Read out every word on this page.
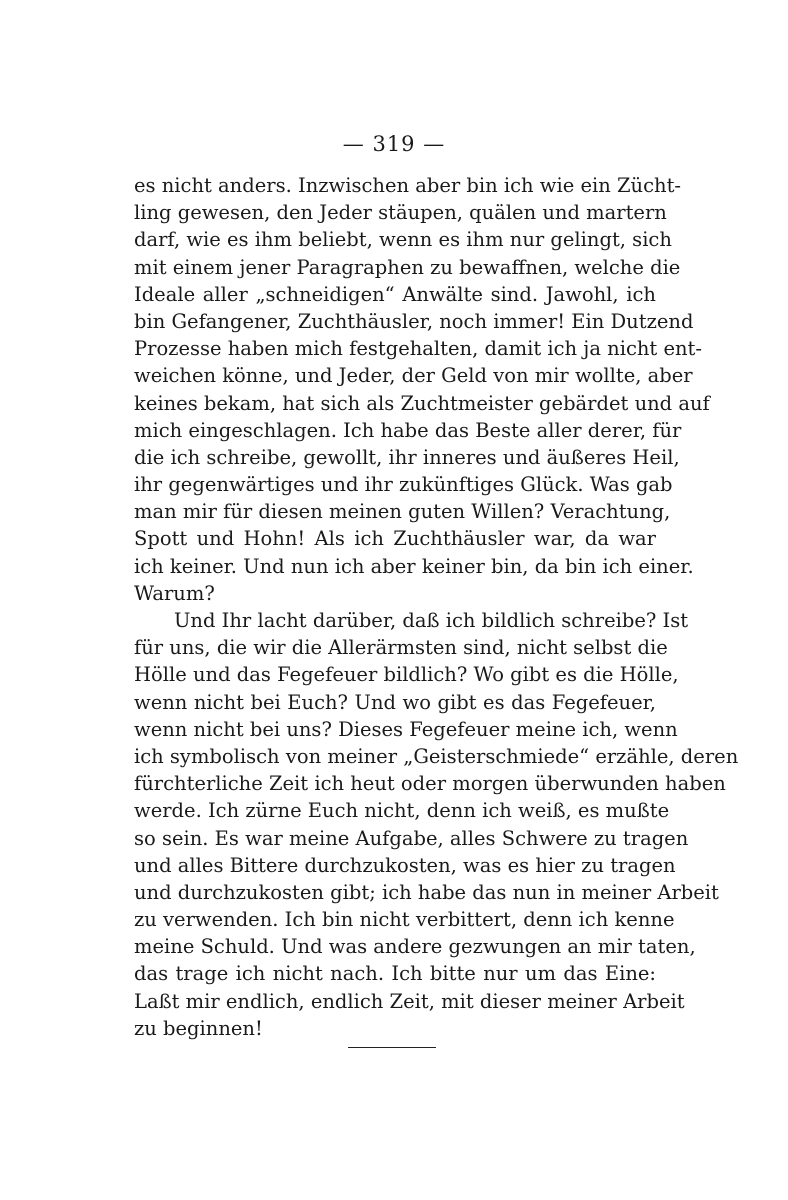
— 319 —
es nicht anders. Inzwischen aber bin ich wie ein Zücht-
ling gewesen, den Jeder stäupen, quälen und martern
darf, wie es ihm beliebt, wenn es ihm nur gelingt, sich
mit einem jener Paragraphen zu bewaffnen, welche die
Ideale aller „schneidigen“ Anwälte sind. Jawohl, ich
bin Gefangener, Zuchthäusler, noch immer! Ein Dutzend
Prozesse haben mich festgehalten, damit ich ja nicht ent-
weichen könne, und Jeder, der Geld von mir wollte, aber
keines bekam, hat sich als Zuchtmeister gebärdet und auf
mich eingeschlagen. Ich habe das Beste aller derer, für
die ich schreibe, gewollt, ihr inneres und äußeres Heil,
ihr gegenwärtiges und ihr zukünftiges Glück. Was gab
man mir für diesen meinen guten Willen? Verachtung,
Spott und Hohn! Als ich Zuchthäusler war, da war
ich keiner. Und nun ich aber keiner bin, da bin ich einer.
Warum?
Und Ihr lacht darüber, daß ich bildlich schreibe? Ist
für uns, die wir die Allerärmsten sind, nicht selbst die
Hölle und das Fegefeuer bildlich? Wo gibt es die Hölle,
wenn nicht bei Euch? Und wo gibt es das Fegefeuer,
wenn nicht bei uns? Dieses Fegefeuer meine ich, wenn
ich symbolisch von meiner „Geisterschmiede“ erzähle, deren
fürchterliche Zeit ich heut oder morgen überwunden haben
werde. Ich zürne Euch nicht, denn ich weiß, es mußte
so sein. Es war meine Aufgabe, alles Schwere zu tragen
und alles Bittere durchzukosten, was es hier zu tragen
und durchzukosten gibt; ich habe das nun in meiner Arbeit
zu verwenden. Ich bin nicht verbittert, denn ich kenne
meine Schuld. Und was andere gezwungen an mir taten,
das trage ich nicht nach. Ich bitte nur um das Eine:
Laßt mir endlich, endlich Zeit, mit dieser meiner Arbeit
zu beginnen!
